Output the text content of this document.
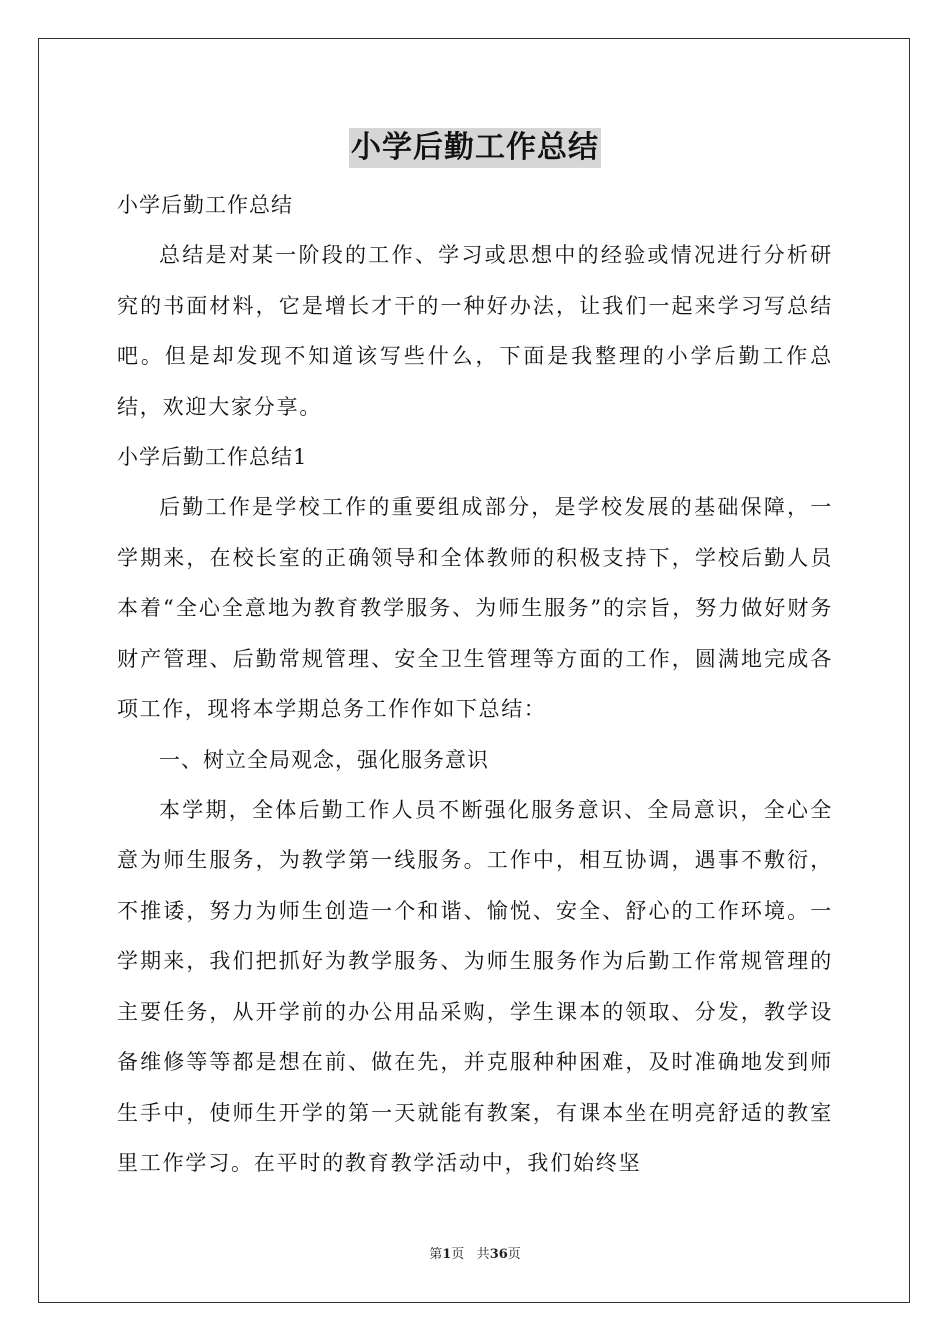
小学后勤工作总结
小学后勤工作总结

总结是对某一阶段的工作、学习或思想中的经验或情况进行分析研究的书面材料，它是增长才干的一种好办法，让我们一起来学习写总结吧。但是却发现不知道该写些什么，下面是我整理的小学后勤工作总结，欢迎大家分享。

小学后勤工作总结1

后勤工作是学校工作的重要组成部分，是学校发展的基础保障，一学期来，在校长室的正确领导和全体教师的积极支持下，学校后勤人员本着“全心全意地为教育教学服务、为师生服务”的宗旨，努力做好财务财产管理、后勤常规管理、安全卫生管理等方面的工作，圆满地完成各项工作，现将本学期总务工作作如下总结：

一、树立全局观念，强化服务意识

本学期，全体后勤工作人员不断强化服务意识、全局意识，全心全意为师生服务，为教学第一线服务。工作中，相互协调，遇事不敷衍，不推诿，努力为师生创造一个和谐、愉悦、安全、舒心的工作环境。一学期来，我们把抓好为教学服务、为师生服务作为后勤工作常规管理的主要任务，从开学前的办公用品采购，学生课本的领取、分发，教学设备维修等等都是想在前、做在先，并克服种种困难，及时准确地发到师生手中，使师生开学的第一天就能有教案，有课本坐在明亮舒适的教室里工作学习。在平时的教育教学活动中，我们始终坚

第1页 共36页
